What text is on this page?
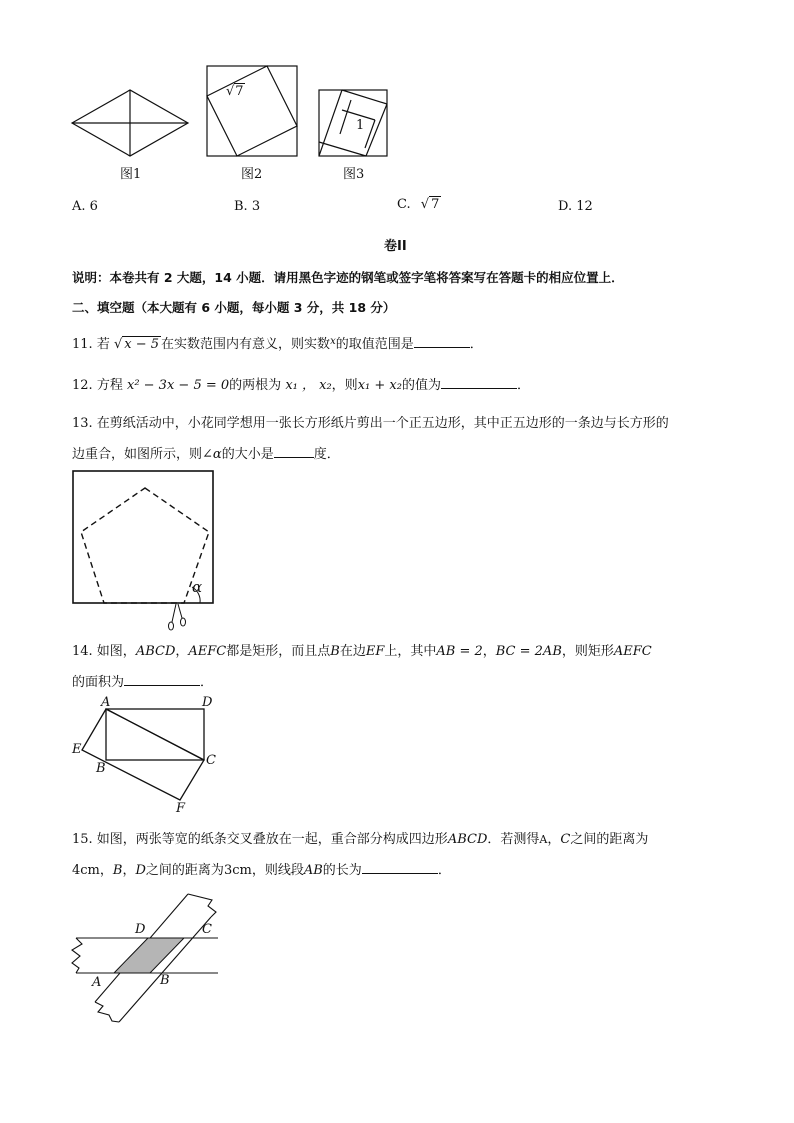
√7
1
图1	图2	图3
A. 6	B. 3	C. √ 7	D. 12
卷II
说明：本卷共有 2 大题，14 小题．请用黑色字迹的钢笔或签字笔将答案写在答题卡的相应位置上．
二、填空题（本大题有 6 小题，每小题 3 分，共 18 分）
11. 若 √ x − 5 在实数范围内有意义，则实数$^x$的取值范围是	．
12. 方程 x² − 3x − 5 = 0的两根为 x₁ ， x₂，则x₁ + x₂的值为	．
13. 在剪纸活动中，小花同学想用一张长方形纸片剪出一个正五边形，其中正五边形的一条边与长方形的
边重合，如图所示，则∠α的大小是	度．
α
14. 如图，ABCD，AEFC都是矩形，而且点B在边EF上，其中AB = 2，BC = 2AB，则矩形AEFC
的面积为	．
A	D
E
B
C
F
15. 如图，两张等宽的纸条交叉叠放在一起，重合部分构成四边形ABCD．若测得A，C之间的距离为
4cm，B，D之间的距离为3cm，则线段AB的长为	．
D	C
A	B
